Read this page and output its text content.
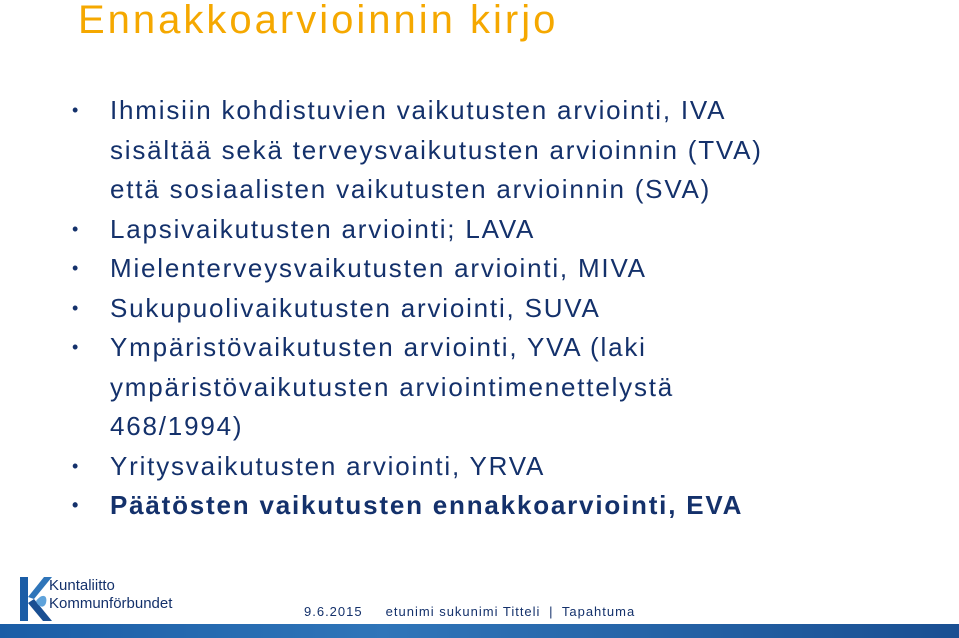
Ennakkoarvioinnin kirjo
• Ihmisiin kohdistuvien vaikutusten arviointi, IVA
sisältää sekä terveysvaikutusten arvioinnin (TVA)
että sosiaalisten vaikutusten arvioinnin (SVA)
• Lapsivaikutusten arviointi; LAVA
• Mielenterveysvaikutusten arviointi, MIVA
• Sukupuolivaikutusten arviointi, SUVA
• Ympäristövaikutusten arviointi, YVA (laki
ympäristövaikutusten arviointimenettelystä
468/1994)
• Yritysvaikutusten arviointi, YRVA
• Päätösten vaikutusten ennakkoarviointi, EVA
Kuntaliitto
Kommunförbundet	9.6.2015 etunimi sukunimi Titteli | Tapahtuma
